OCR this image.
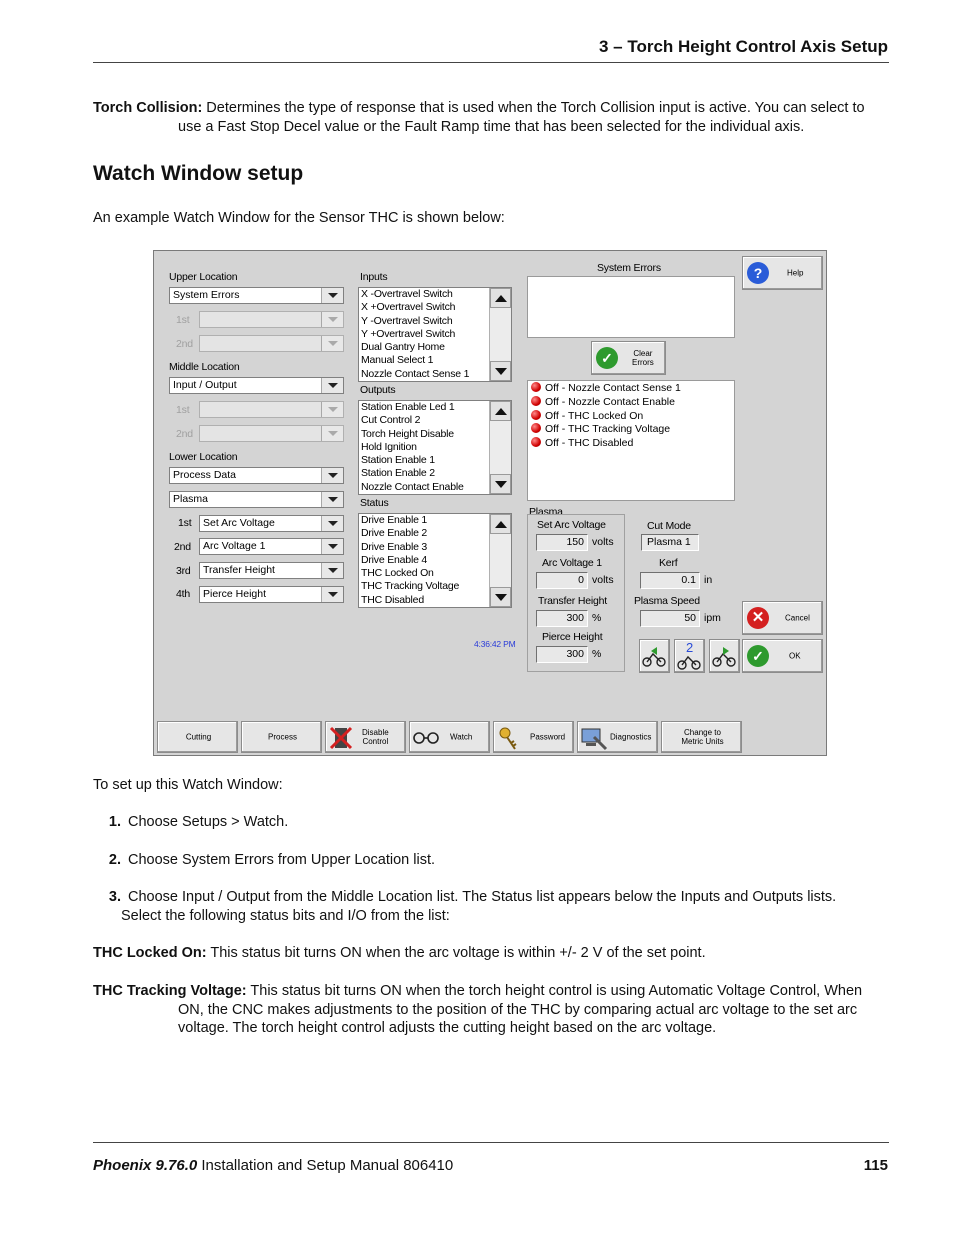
3 – Torch Height Control Axis Setup
Torch Collision: Determines the type of response that is used when the Torch Collision input is active. You can select to use a Fast Stop Decel value or the Fault Ramp time that has been selected for the individual axis.
Watch Window setup
An example Watch Window for the Sensor THC is shown below:
Upper Location
System Errors
1st
2nd
Middle Location
Input / Output
1st
2nd
Lower Location
Process Data
Plasma
1st	Set Arc Voltage
2nd	Arc Voltage 1
3rd	Transfer Height
4th	Pierce Height
Inputs
X -Overtravel Switch
X +Overtravel Switch
Y -Overtravel Switch
Y +Overtravel Switch
Dual Gantry Home
Manual Select 1
Nozzle Contact Sense 1
Outputs
Station Enable Led 1
Cut Control 2
Torch Height Disable
Hold Ignition
Station Enable 1
Station Enable 2
Nozzle Contact Enable
Status
Drive Enable 1
Drive Enable 2
Drive Enable 3
Drive Enable 4
THC Locked On
THC Tracking Voltage
THC Disabled
System Errors	?	Help
✓	Clear
Errors
Off - Nozzle Contact Sense 1
Off - Nozzle Contact Enable
Off - THC Locked On
Off - THC Tracking Voltage
Off - THC Disabled
Plasma
Set Arc Voltage
150 volts
Arc Voltage 1
0 volts
Transfer Height
300 %
Pierce Height
300 %
Cut Mode
Plasma 1
Kerf
0.1 in
Plasma Speed
50 ipm	✕	Cancel
✓	OK
2
4:36:42 PM
Cutting	Process	Disable
Control	Watch	Password	Diagnostics	Change to
Metric Units
To set up this Watch Window:
1. Choose Setups > Watch.
2. Choose System Errors from Upper Location list.
3. Choose Input / Output from the Middle Location list. The Status list appears below the Inputs and Outputs lists.
Select the following status bits and I/O from the list:
THC Locked On: This status bit turns ON when the arc voltage is within +/- 2 V of the set point.
THC Tracking Voltage: This status bit turns ON when the torch height control is using Automatic Voltage Control, When ON, the CNC makes adjustments to the position of the THC by comparing actual arc voltage to the set arc voltage. The torch height control adjusts the cutting height based on the arc voltage.
Phoenix 9.76.0 Installation and Setup Manual 806410	115
